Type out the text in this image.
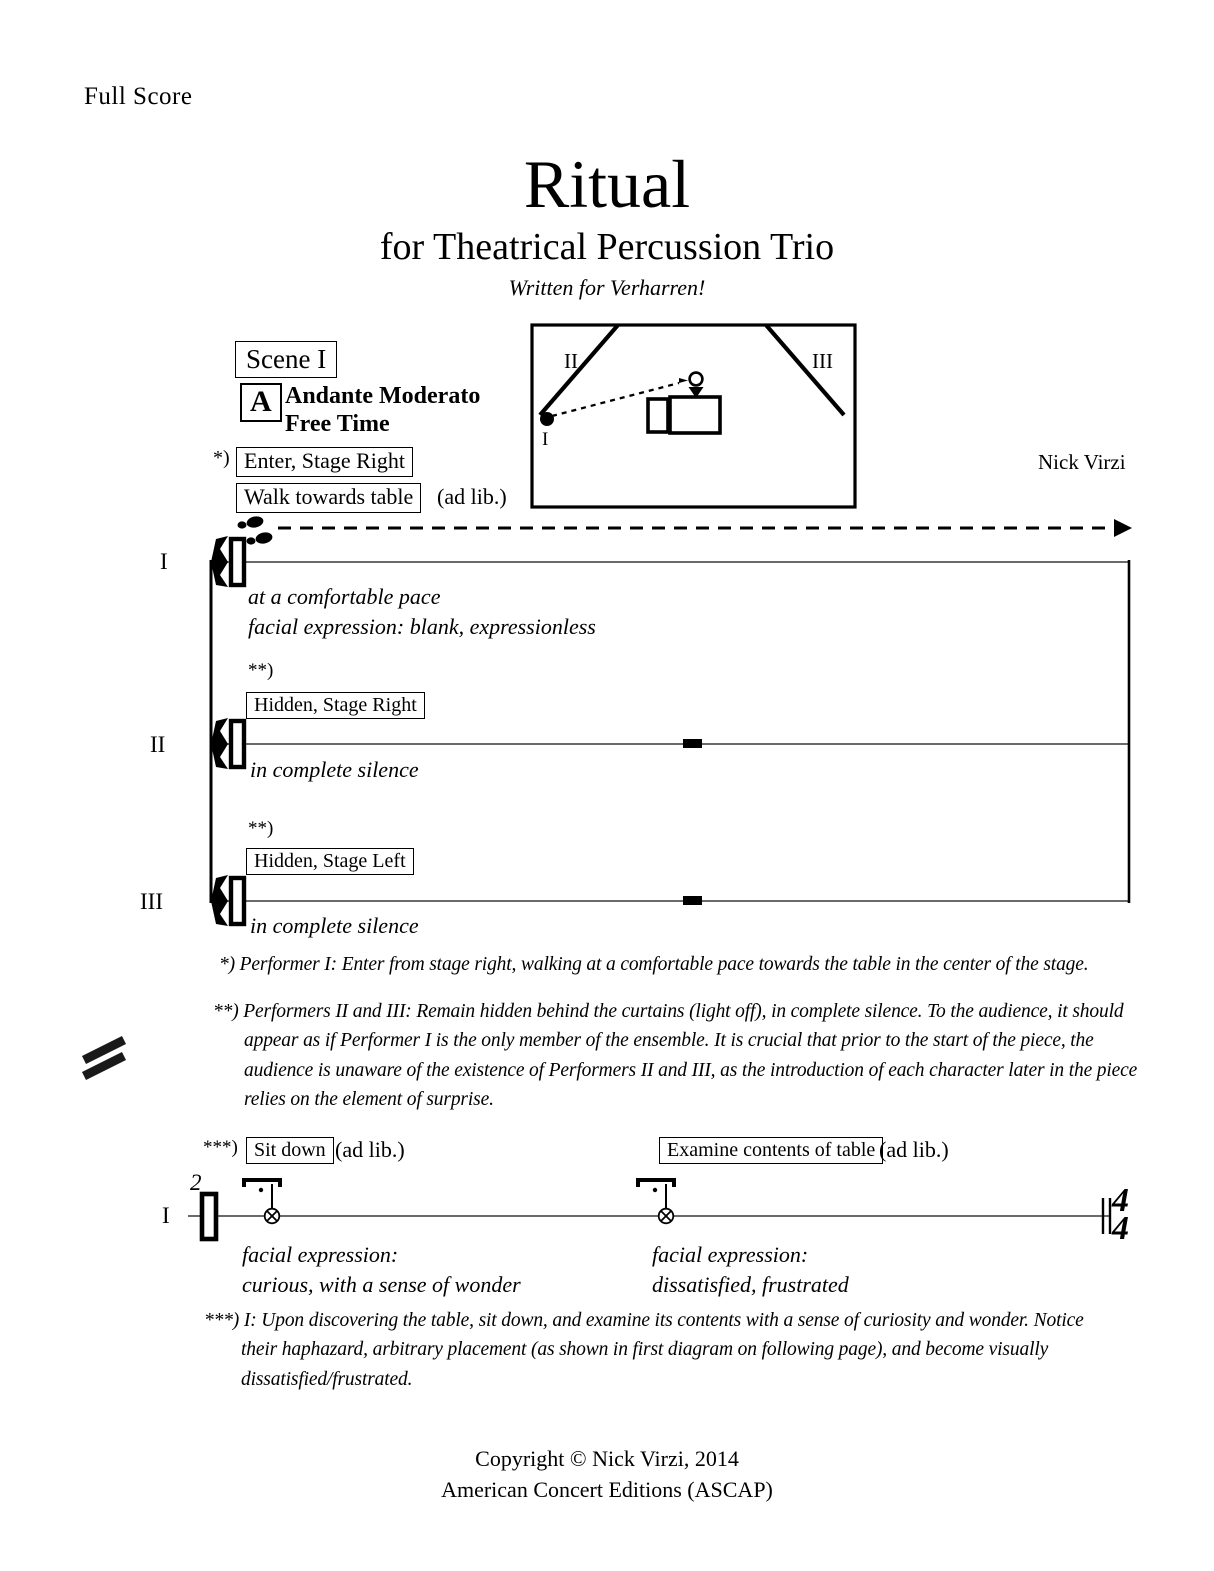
Full Score
Ritual
for Theatrical Percussion Trio
Written for Verharren!
Nick Virzi
Scene I
A Andante Moderato
Free Time
*) Enter, Stage Right
Walk towards table	(ad lib.)
II	III
I
I
II
III
at a comfortable pace
facial expression: blank, expressionless
**)
Hidden, Stage Right
in complete silence
**)
Hidden, Stage Left
in complete silence
*) Performer I: Enter from stage right, walking at a comfortable pace towards the table in the center of the stage.
**) Performers II and III: Remain hidden behind the curtains (light off), in complete silence. To the audience, it should appear as if Performer I is the only member of the ensemble. It is crucial that prior to the start of the piece, the audience is unaware of the existence of Performers II and III, as the introduction of each character later in the piece relies on the element of surprise.
***) Sit down (ad lib.)	Examine contents of table (ad lib.)
I
2	4
4
facial expression:
curious, with a sense of wonder
facial expression:
dissatisfied, frustrated
***) I: Upon discovering the table, sit down, and examine its contents with a sense of curiosity and wonder. Notice their haphazard, arbitrary placement (as shown in first diagram on following page), and become visually dissatisfied/frustrated.
Copyright © Nick Virzi, 2014
American Concert Editions (ASCAP)
